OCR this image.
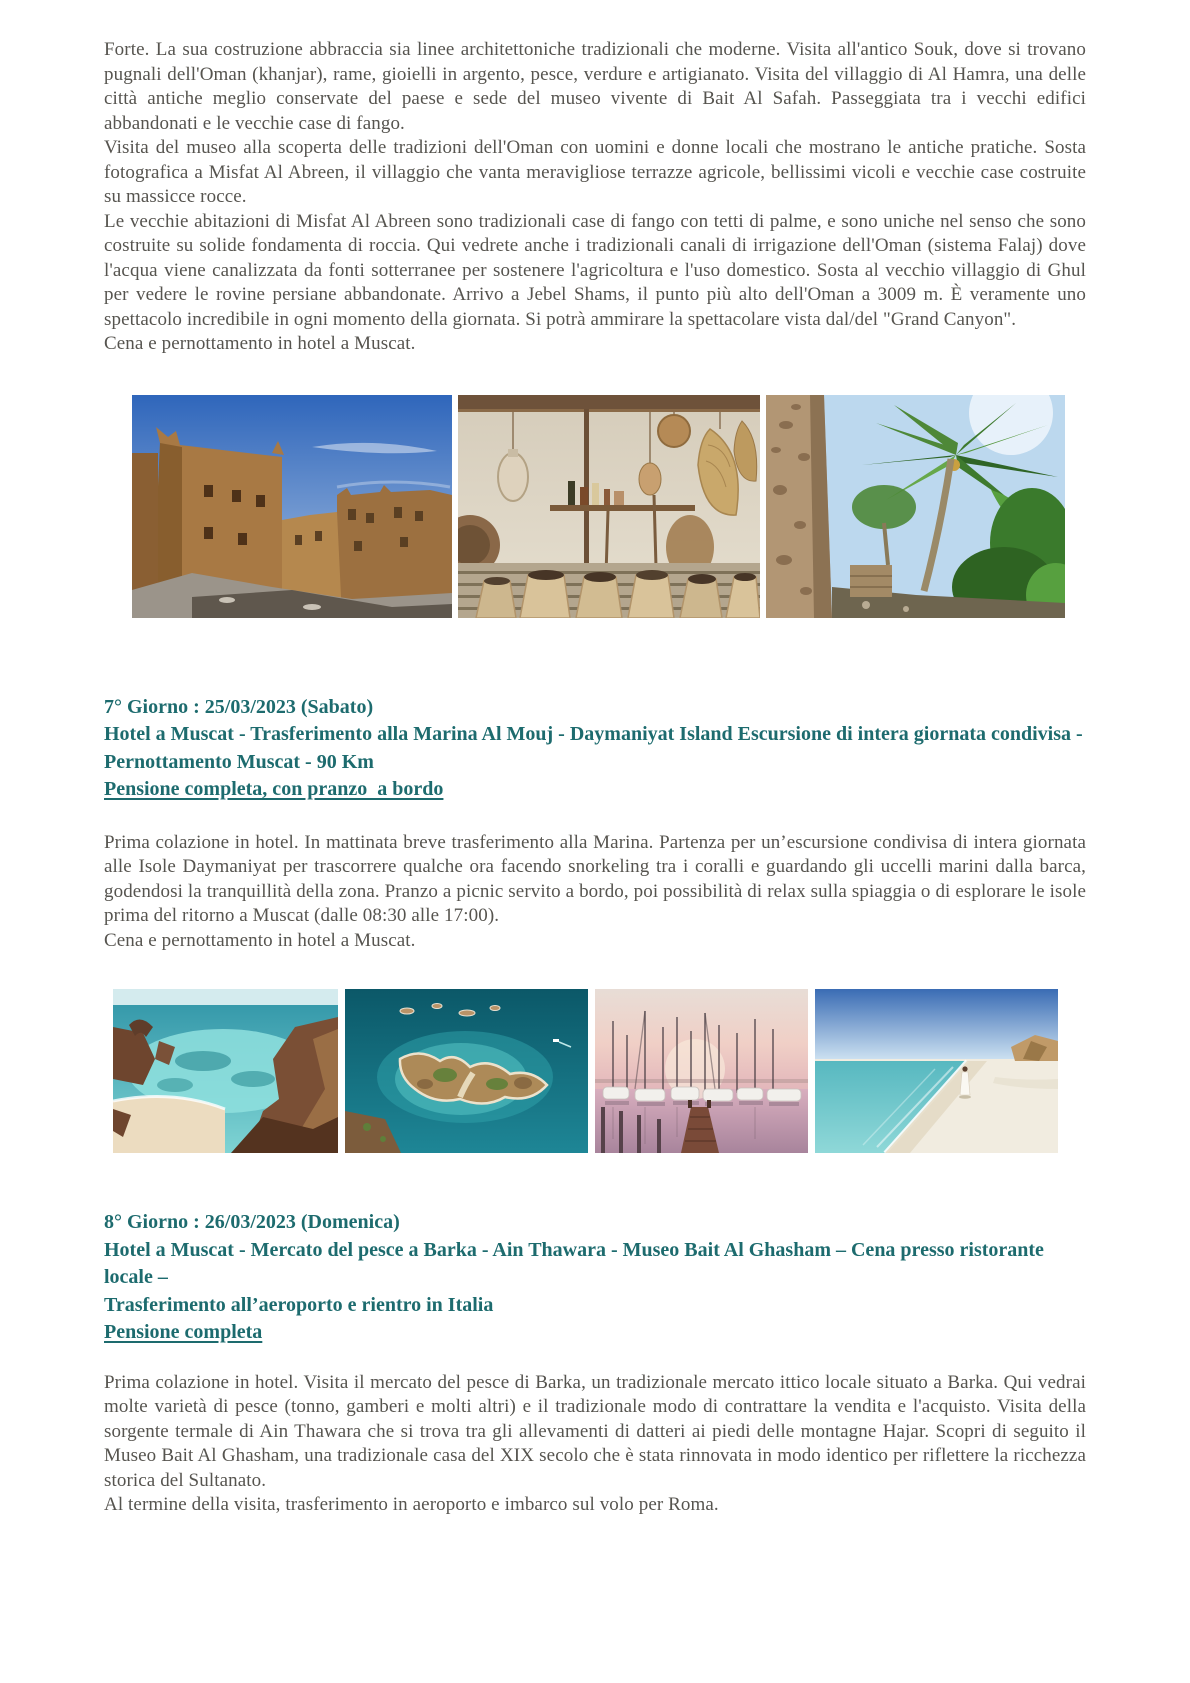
Forte. La sua costruzione abbraccia sia linee architettoniche tradizionali che moderne. Visita all'antico Souk, dove si trovano pugnali dell'Oman (khanjar), rame, gioielli in argento, pesce, verdure e artigianato. Visita del villaggio di Al Hamra, una delle città antiche meglio conservate del paese e sede del museo vivente di Bait Al Safah. Passeggiata tra i vecchi edifici abbandonati e le vecchie case di fango.

Visita del museo alla scoperta delle tradizioni dell'Oman con uomini e donne locali che mostrano le antiche pratiche. Sosta fotografica a Misfat Al Abreen, il villaggio che vanta meravigliose terrazze agricole, bellissimi vicoli e vecchie case costruite su massicce rocce.

Le vecchie abitazioni di Misfat Al Abreen sono tradizionali case di fango con tetti di palme, e sono uniche nel senso che sono costruite su solide fondamenta di roccia. Qui vedrete anche i tradizionali canali di irrigazione dell'Oman (sistema Falaj) dove l'acqua viene canalizzata da fonti sotterranee per sostenere l'agricoltura e l'uso domestico. Sosta al vecchio villaggio di Ghul per vedere le rovine persiane abbandonate. Arrivo a Jebel Shams, il punto più alto dell'Oman a 3009 m. È veramente uno spettacolo incredibile in ogni momento della giornata. Si potrà ammirare la spettacolare vista dal/del "Grand Canyon".

Cena e pernottamento in hotel a Muscat.

7° Giorno : 25/03/2023 (Sabato)

Hotel a Muscat - Trasferimento alla Marina Al Mouj - Daymaniyat Island Escursione di intera giornata condivisa - Pernottamento Muscat - 90 Km

Pensione completa, con pranzo  a bordo

Prima colazione in hotel. In mattinata breve trasferimento alla Marina. Partenza per un’escursione condivisa di intera giornata alle Isole Daymaniyat per trascorrere qualche ora facendo snorkeling tra i coralli e guardando gli uccelli marini dalla barca, godendosi la tranquillità della zona. Pranzo a picnic servito a bordo, poi possibilità di relax sulla spiaggia o di esplorare le isole prima del ritorno a Muscat (dalle 08:30 alle 17:00).

Cena e pernottamento in hotel a Muscat.

8° Giorno : 26/03/2023 (Domenica)

Hotel a Muscat - Mercato del pesce a Barka - Ain Thawara - Museo Bait Al Ghasham – Cena presso ristorante locale –

Trasferimento all’aeroporto e rientro in Italia

Pensione completa

Prima colazione in hotel. Visita il mercato del pesce di Barka, un tradizionale mercato ittico locale situato a Barka. Qui vedrai molte varietà di pesce (tonno, gamberi e molti altri) e il tradizionale modo di contrattare la vendita e l'acquisto. Visita della sorgente termale di Ain Thawara che si trova tra gli allevamenti di datteri ai piedi delle montagne Hajar. Scopri di seguito il Museo Bait Al Ghasham, una tradizionale casa del XIX secolo che è stata rinnovata in modo identico per riflettere la ricchezza storica del Sultanato.

Al termine della visita, trasferimento in aeroporto e imbarco sul volo per Roma.
